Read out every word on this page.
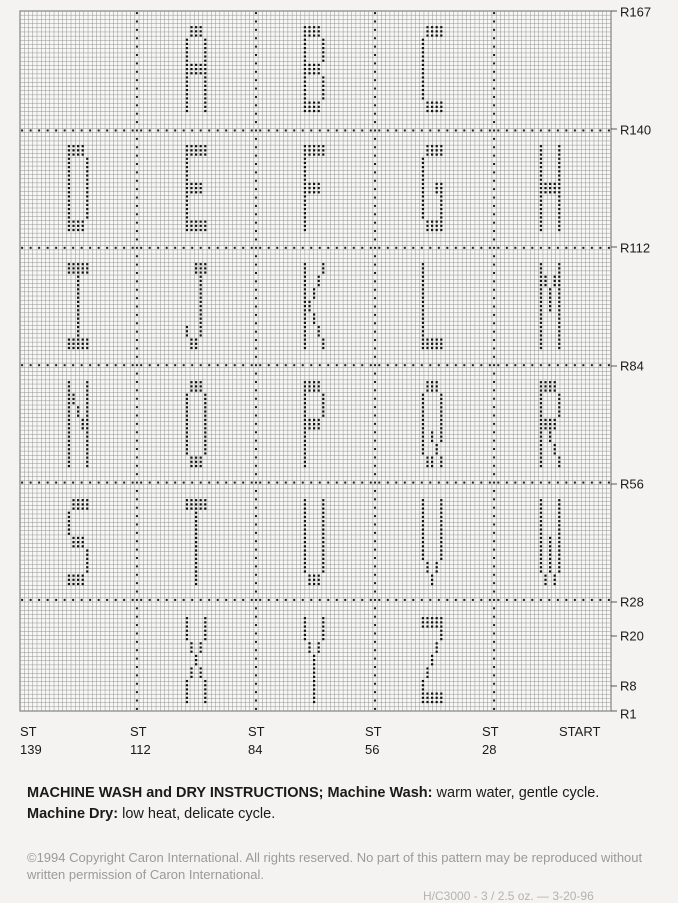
R167
R140
R112
R84
R56
R28
R20
R8
R1
ST
139
ST
112
ST
84
ST
56
ST
28
START
MACHINE WASH and DRY INSTRUCTIONS; Machine Wash: warm water, gentle cycle. Machine Dry: low heat, delicate cycle.
©1994 Copyright Caron International. All rights reserved. No part of this pattern may be reproduced without written permission of Caron International.
H/C3000 - 3 / 2.5 oz. — 3-20-96
